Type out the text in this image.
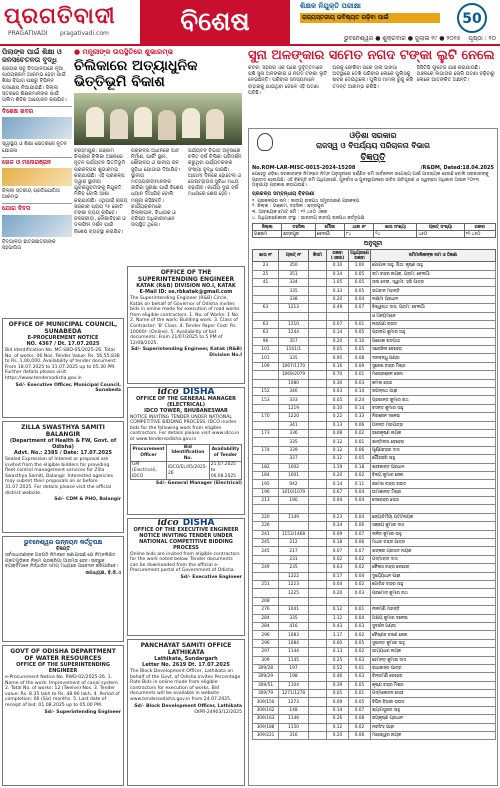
ପ୍ରଗତିବାଦୀ
PRAGATIVADI pragativadi.com	ବିଶେଷ
ଶିକ୍ଷକ ନିଯୁକ୍ତି ପରୀକ୍ଷା
ରାଜ୍ୟସ୍ତରୀୟ ଭବିଷ୍ୟତ ଗଢ଼ିବା ପାଇଁ	50
ଭୁବନେଶ୍ୱର ● ଶୁକ୍ରବାର ● ଜୁଲାଇ ୧୯ ● ୨୦୨୫ ପୃଷ୍ଠା : ୧୦
ପିଲାଙ୍କ ପାଇଁ ଶିକ୍ଷା ଓ ଜନସଚେତନତା ବୃଦ୍ଧି
ରାଜ୍ୟର ସବୁ ବିଦ୍ୟାଳୟରେ ନୂଆ ପାଠ୍ୟକ୍ରମ ଆରମ୍ଭ ହେବା ପାଇଁ ଶିକ୍ଷା ବିଭାଗ ପକ୍ଷରୁ ବିଭିନ୍ନ ପଦକ୍ଷେପ ନିଆଯାଇଛି। ଜିଲ୍ଲା ସ୍ତରରେ ଶିକ୍ଷକମାନଙ୍କ ପାଇଁ ତାଲିମ ଶିବିର ଆୟୋଜନ କରାଯିବ।
ବିଶେଷ ଖବର
ସ୍ୱାସ୍ଥ୍ୟ ଓ ଶିକ୍ଷା କ୍ଷେତ୍ରରେ ନୂତନ ଯୋଜନା
ଖେଳ ଓ ମନୋରଞ୍ଜନ
ଜିଲ୍ଲା ସ୍ତରୀୟ ପ୍ରତିଯୋଗିତା ଆରମ୍ଭ
ଯୋଗ ଦିବସ
ବିଦ୍ୟାଳୟ ଛାତ୍ରଛାତ୍ରୀଙ୍କ ସହଭାଗିତା
● ମନ୍ତ୍ରୀଙ୍କ ଉପସ୍ଥିତିରେ ଶୁଭାରମ୍ଭ
ଚିଲିକାରେ ଅତ୍ୟାଧୁନିକ ଭିତ୍ତିଭୂମି ବିକାଶ
ବ୍ରହ୍ମପୁର: ଗଞ୍ଜାମ ଜିଲ୍ଲାର ଚିଲିକା ଅଞ୍ଚଳରେ ନୂତନ ପର୍ଯ୍ୟଟନ ଭିତ୍ତିଭୂମି ପ୍ରକଳ୍ପର ଶୁଭାରମ୍ଭ କରାଯାଇଛି। ଏହି ପ୍ରକଳ୍ପ ଦ୍ୱାରା ସ୍ଥାନୀୟ ଯୁବକଯୁବତୀଙ୍କୁ ନିଯୁକ୍ତି ମିଳିବ ବୋଲି ଆଶା କରାଯାଉଛି। ଏଥିପାଇଁ ରାଜ୍ୟ ସରକାର ପ୍ରାୟ ୨୫ କୋଟି ଟଙ୍କା ବ୍ୟୟ କରିବେ। ଜଳକ୍ରୀଡ଼ା, ନୌକାବିହାର ଓ ଡଲଫିନ ଦର୍ଶନ ପାଇଁ ବିଶେଷ ବ୍ୟବସ୍ଥା କରାଯିବ।
ପ୍ରକଳ୍ପ ଅଧୀନରେ ଘାଟ ନିର୍ମାଣ, ପାର୍କିଂ ସ୍ଥାନ, ଶୌଚାଳୟ ଓ ପାନୀୟ ଜଳ ସୁବିଧା ଯୋଗାଇ ଦିଆଯିବ। ସ୍ଥାନୀୟ ମତ୍ସ୍ୟଜୀବୀମାନଙ୍କ ଜୀବିକା ସୁରକ୍ଷା ପାଇଁ ବିଶେଷ ଧ୍ୟାନ ଦିଆଯିବ ବୋଲି ମନ୍ତ୍ରୀ କହିଛନ୍ତି। କାର୍ଯ୍ୟକ୍ରମରେ ଜିଲ୍ଲାପାଳ, ବିଧାୟକ ଓ ବରିଷ୍ଠ ଅଧିକାରୀମାନେ ଉପସ୍ଥିତ ଥିଲେ।
ପର୍ଯ୍ୟଟନ ବିଭାଗ ଅନୁସାରେ ଚଳିତ ବର୍ଷ ଚିଲିକା ପରିଦର୍ଶନ କରୁଥିବା ପର୍ଯ୍ୟଟକଙ୍କ ସଂଖ୍ୟା ବୃଦ୍ଧି ପାଇଛି। ଆଗାମୀ ଦିନରେ ହୋଟେଲ ଓ ଗେଷ୍ଟହାଉସ ସୁବିଧା ମଧ୍ୟ ବଢ଼ାଯିବ। କାର୍ଯ୍ୟ ଦୁଇ ବର୍ଷ ମଧ୍ୟରେ ଶେଷ ହେବ।
ସୁନା ଅଳଙ୍କାର ସମେତ ନଗଦ ଟଙ୍କା ଲୁଟି ନେଲେ
କଟକ: ସହରର ଏକ ଘରେ ଦୁର୍ବୃତ୍ତମାନେ ପଶି ସୁନା ଅଳଙ୍କାର ଓ ନଗଦ ଟଙ୍କା ଲୁଟି ନେଇଛନ୍ତି। ପରିବାର ସଦସ୍ୟମାନେ ବାହାରକୁ ଯାଇଥିବା ବେଳେ ଏହି ଘଟଣା ଘଟିଛି।
ଘରକୁ ଫେରିବା ପରେ ତାଲା ଭଙ୍ଗା ଅବସ୍ଥାରେ ଦେଖି ପରିବାର ଲୋକେ ପୁଲିସକୁ ଖବର ଦେଇଥିଲେ। ପୁଲିସ ମାମଲା ରୁଜୁ କରି ତଦନ୍ତ ଆରମ୍ଭ କରିଛି।
ସିସିଟିଭି ଫୁଟେଜ ଯାଞ୍ଚ କରାଯାଉଛି। ଅଞ୍ଚଳରେ ଲଗାତାର ଚୋରି ଘଟଣା ବଢ଼ିବାରୁ ଲୋକେ ଆତଙ୍କିତ ଅଛନ୍ତି।
ଓଡ଼ିଶା ସରକାର
ରାଜସ୍ୱ ଓ ବିପର୍ଯ୍ୟୟ ପରିଚାଳନା ବିଭାଗ
ବିଜ୍ଞପ୍ତି
No.ROM-LAR-MISC-0015-2024-15208	/R&DM, Dated:18.04.2025
ଯେହେତୁ ଓଡ଼ିଶା ସରକାରଙ୍କ ନିମନ୍ତେ ନିମ୍ନ ଅନୁସୂଚୀରେ ବର୍ଣ୍ଣିତ ଜମି ସାର୍ବଜନୀନ ଉଦ୍ଦେଶ୍ୟ ପାଇଁ ଆବଶ୍ୟକ ହେଉଛି ବୋଲି ସରକାରଙ୍କୁ ପ୍ରତୀତ ହେଉଅଛି। ଏହି ବିଜ୍ଞପ୍ତି ଜମି ଅଧିଗ୍ରହଣ, ପୁନର୍ବାସ ଓ ପୁନଃସ୍ଥାପନରେ ଉଚିତ କ୍ଷତିପୂରଣ ଓ ସ୍ୱଚ୍ଛତା ଅଧିକାର ଆଇନ ୨୦୧୩ ଅନୁଯାୟୀ ପ୍ରକାଶ କରାଯାଉଛି।
ପ୍ରକଳ୍ପ ସମ୍ବନ୍ଧୀୟ ବିବରଣୀ
୧. ପ୍ରକଳ୍ପର ନାମ : ଜାତୀୟ ରାଜପଥ ସମ୍ପ୍ରସାରଣ ପ୍ରକଳ୍ପ
୨. ଜିଲ୍ଲା : ଗଞ୍ଜାମ, ତହସିଲ : ଛତ୍ରପୁର
୩. ଆବଶ୍ୟକ ମୋଟ ଜମି : ୧୨.୪୫୦ ଏକର
୪. ଅଧିଗ୍ରହଣକାରୀ ସଂସ୍ଥା : ଭାରତୀୟ ଜାତୀୟ ରାଜପଥ କର୍ତ୍ତୃପକ୍ଷ
ଜିଲ୍ଲା	ତହସିଲ	ମୌଜା	ଥାନା ନଂ	ଖାତା ସଂଖ୍ୟା	ପ୍ଲଟ୍ ସଂଖ୍ୟା	ରକବା
ଗଞ୍ଜାମ	ଛତ୍ରପୁର	ବେଲଗାଁ	୮୪	୨୪	୪୫୦	୧୨.୪୫୦
ଅନୁସୂଚୀ
ଖାତା ନଂ	ପ୍ଲଟ୍ ନଂ	କିସମ	ରକବା (ଏକର)	ଅଧିଗ୍ରହଣ ରକବା	ଜମିମାଲିକଙ୍କ ନାମ ଓ ଠିକଣା
23	350		0.10	1.00	ଗୋପାଳ ସାହୁ, ପିତା: କୃଷ୍ଣ ସାହୁ
25	351		0.34	0.05	ରାମ ଚନ୍ଦ୍ର ନାୟକ, ଗ୍ରାମ: ବେଲଗାଁ
41	334		1.05	0.05	ସୀତା ଦେବୀ, ସ୍ୱାମୀ: ହରି ପାତ୍ର
	335		0.33	0.05	ଭଗବାନ ମହାନ୍ତି
	338		0.20	0.04	ଲକ୍ଷ୍ମୀ ପ୍ରଧାନ
63	1213		0.49	0.07	ବିଶ୍ୱନାଥ ଦାସ, ଗ୍ରାମ: ବେଲଗାଁ
					ଓ ଅନ୍ୟମାନେ
63	1210		0.07	0.01	ନାରାୟଣ ରାଉତ
63	1244		0.14	0.05	ପ୍ରଦୀପ କୁମାର ସାହୁ
96	357		0.20	0.10	ଅଶୋକ ଶତପଥୀ
101	1161/1		0.05	0.05	ସରୋଜିନୀ ବେହେରା
101	335		0.95	0.08	ଦୀନବନ୍ଧୁ ପଣ୍ଡା
109	1067/1170		0.16	0.09	ସୁରେଶ ଚନ୍ଦ୍ର ମିଶ୍ର
	1069/2079		0.70	0.01	ମନୋରଞ୍ଜନ ଜେନା
	1080		0.30	0.03	କମଳା ସେଠୀ
152	340		0.03	0.14	ଜଗନ୍ନାଥ ପାଢ଼ୀ
153	333		0.05	0.24	ପ୍ରଶାନ୍ତ କୁମାର ରଥ
	1219		0.10	0.14	ବସନ୍ତ କୁମାର ସାହୁ
170	1220		0.22	0.33	ନିରଞ୍ଜନ ଦଳେଇ
	341		0.13	0.06	ଅନନ୍ତ ମହାପାତ୍ର
173	336		0.08	0.02	ହରେକୃଷ୍ଣ ନାୟକ
	335		0.12	0.01	ଶାନ୍ତିଲତା ବେହେରା
174	339		0.12	0.06	ପୂର୍ଣ୍ଣଚନ୍ଦ୍ର ଦାସ
	337		0.12	0.05	ଗୌରହରି ସାହୁ
182	1002		1.19	0.18	ଶ୍ରୀକାନ୍ତ ପ୍ରଧାନ
184	1001		0.20	0.02	ବିଜୟ କୁମାର ଜେନା
195	942		0.14	0.11	ରମେଶ ଚନ୍ଦ୍ର ରାଉତ
196	1010/1079		0.67	0.04	ଉମାକାନ୍ତ ମିଶ୍ର
213	190		0.04	0.04	ଦେବେନ୍ଦ୍ର ସେଠୀ

220	1149		0.23	0.04	ଜ୍ୟୋତିର୍ମୟୀ ପଟ୍ଟନାୟକ
226			0.34	0.06	ସଞ୍ଜୟ କୁମାର ଦାସ
241	1153/1468		0.09	0.07	ଲଳିତ କୁମାର ସାହୁ
245	212		0.18	0.06	ମାଧବ ଚନ୍ଦ୍ର ପାତ୍ର
245	217		0.07	0.07	ଶଙ୍କର ପ୍ରସାଦ ନାୟକ
	231		0.02	0.02	ପଦ୍ମାବତୀ ଦାସ
249	235		0.63	0.02	କୈଳାସ ଚନ୍ଦ୍ର ବେହେରା
	1222		0.17	0.04	ଦୁର୍ଯ୍ୟୋଧନ ପାଢ଼ୀ
251	1223		0.04	0.02	ଗୋବିନ୍ଦ ଚନ୍ଦ୍ର ସାହୁ
	1225		0.20	0.03	ପ୍ରମୋଦ କୁମାର ରଥ
268					
276	1041		0.12	0.01	ନୀଳମଣି ମହାନ୍ତି
284	335		1.12	0.04	ଅକ୍ଷୟ କୁମାର ଦଳେଇ
284	416		0.43	0.03	ସୁଦର୍ଶନ ପଣ୍ଡା
296	1083		1.17	0.02	ବୈଷ୍ଣବ ଚରଣ ଜେନା
296	1084		0.60	0.05	ସୁଶାନ୍ତ କୁମାର ସାହୁ
297	1144		0.13	0.02	ଭାଗ୍ୟଧର ନାୟକ
309	1145		0.25	0.03	ହେମନ୍ତ କୁମାର ଦାସ
309/28	197		0.52	0.01	ରାଧାକାନ୍ତ ପାତ୍ର
309/29	198		0.46	0.03	ଚିନ୍ତାମଣି ବେହେରା
309/51	1104		0.39	0.05	କୃଷ୍ଣ ଚନ୍ଦ୍ର ମିଶ୍ର
309/79	1271/1278		0.05	0.01	ପଦ୍ମଲୋଚନ ସେଠୀ
309/150	1273		0.09	0.05	ବିପିନ ବିହାରୀ ରାଉତ
309/162	148		0.14	0.07	ଶ୍ୟାମସୁନ୍ଦର ସାହୁ
309/163	1146		0.26	0.08	ଜୟକୃଷ୍ଣ ପ୍ରଧାନ
309/188	1150		0.12	0.02	ନରସିଂହ ପାଢ଼ୀ
309/221	316		0.20	0.06	ମହେଶ୍ୱର ନାୟକ
OFFICE OF MUNICIPAL COUNCIL, SUNABEDA
E-PROCUREMENT NOTICE
NO. 4367 / Dt. 17.07.2025
Bid Identification No. MC-SBD-05/2025-26. Total No. of works: 06 Nos. Tender Value: Rs. 56,55,838 to Rs. 1,00,000. Availability of tender document: From 18.07.2025 to 31.07.2025 up to 05.30 PM. Further details please visit: https://www.tendersodisha.gov.in
Sd/- Executive Officer, Municipal Council, Sunabeda
ZILLA SWASTHYA SAMITI BALANGIR
(Department of Health & FW, Govt. of Odisha)
Advt. No.: 2385 / Date: 17.07.2025
Sealed Expression of Interest or proposal are invited from the eligible bidders for providing fleet control management services for Zilla Swasthya Samiti, Balangir. Interested agencies may submit their proposals on or before 31.07.2025. For details please visit the official district website.
Sd/- CDM & PHO, Balangir
ଭୁବନେଶ୍ୱର ଉନ୍ନୟନ କର୍ତ୍ତୃପକ୍ଷ
ବିଜ୍ଞପ୍ତି
ସର୍ବସାଧାରଣଙ୍କ ଅବଗତି ନିମନ୍ତେ ଜଣାଯାଉଛି ଯେ ନିମ୍ନଲିଖିତ ପ୍ଲଟଗୁଡ଼ିକର ନିଲାମ ପ୍ରକ୍ରିୟା ଆରମ୍ଭ ହେବ। ଇଚ୍ଛୁକ ବ୍ୟକ୍ତିମାନେ ନିର୍ଦ୍ଧାରିତ ସମୟ ମଧ୍ୟରେ ଆବେଦନ କରିପାରିବେ।
ଉପାଧ୍ୟକ୍ଷ, ବି.ଡି.ଏ
GOVT OF ODISHA DEPARTMENT OF WATER RESOURCES
OFFICE OF THE SUPERINTENDING ENGINEER
e-Procurement Notice No. RWD-02/2025-26. 1. Name of the work: Improvement of canal system. 2. Total No. of works: 12 (Twelve) Nos. 3. Tender value: Rs. 8.35 lakh to Rs. 48.90 lakh. 4. Period of completion: 06 (Six) months. 5. Last date of receipt of bid: 01.08.2025 up to 05.00 PM.
Sd/- Superintending Engineer
OFFICE OF THE SUPERINTENDING ENGINEER
KATAK (R&B) DIVISION NO.I, KATAK
E-Mail ID: se.rbkatak@gmail.com
The Superintending Engineer (R&B) Circle, Katak on behalf of Governor of Odisha invites bids in online mode for execution of road works from eligible contractors. 1. No. of Works: 1 No. 2. Name of the work: Building work. 3. Class of Contractor: 'B' Class. 4. Tender Paper Cost: Rs. 10000/- (Online). 5. Availability of bid documents: From 21/07/2025 to 5 PM of 12/08/2025.
Sd/- Superintending Engineer, Katak (R&B) Division No.I
idco DISHA
OFFICE OF THE GENERAL MANAGER (ELECTRICAL)
IDCO TOWER, BHUBANESWAR
NOTICE INVITING TENDER UNDER NATIONAL COMPETITIVE BIDDING PROCESS. IDCO invites bids for the following work from eligible contractors. For details please visit www.idco.in or www.tendersodisha.gov.in
Procurement Officer	Bid Identification No.	Availability of Tender
GM (Electrical), IDCO	IDCO/EL/05/2025-26	21.07.2025 to 06.08.2025
Sd/- General Manager (Electrical)
idco DISHA
OFFICE OF THE EXECUTIVE ENGINEER
NOTICE INVITING TENDER UNDER NATIONAL COMPETITIVE BIDDING PROCESS
Online bids are invited from eligible contractors for the work noted below. Tender documents can be downloaded from the official e-Procurement portal of Government of Odisha.
Sd/- Executive Engineer
PANCHAYAT SAMITI OFFICE LATHIKATA
Lathikata, Sundargarh
Letter No. 2619 Dt. 17.07.2025
The Block Development Officer, Lathikata on behalf of the Govt. of Odisha invites Percentage Rate Bids in online mode from eligible contractors for execution of works. Bid documents will be available in website www.tendersodisha.gov.in from 24.07.2025.
Sd/- Block Development Officer, Lathikata
OIPR-24903/12/2025
